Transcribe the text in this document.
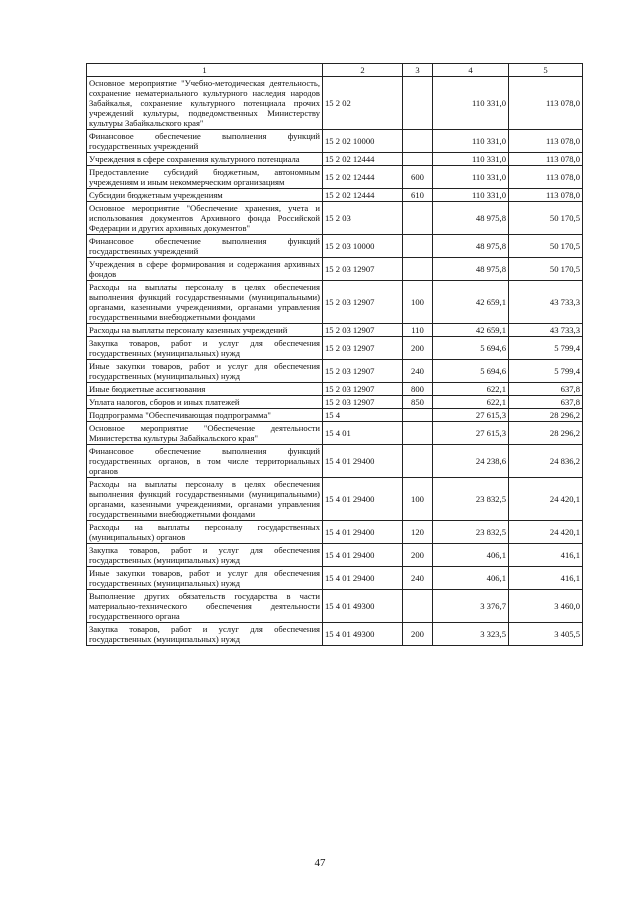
1	2	3	4	5
Основное мероприятие "Учебно-методическая деятельность, сохранение нематериального культурного наследия народов Забайкалья, сохранение культурного потенциала прочих учреждений культуры, подведомственных Министерству культуры Забайкальского края"	15 2 02		110 331,0	113 078,0
Финансовое обеспечение выполнения функций государственных учреждений	15 2 02 10000		110 331,0	113 078,0
Учреждения в сфере сохранения культурного потенциала	15 2 02 12444		110 331,0	113 078,0
Предоставление субсидий бюджетным, автономным учреждениям и иным некоммерческим организациям	15 2 02 12444	600	110 331,0	113 078,0
Субсидии бюджетным учреждениям	15 2 02 12444	610	110 331,0	113 078,0
Основное мероприятие "Обеспечение хранения, учета и использования документов Архивного фонда Российской Федерации и других архивных документов"	15 2 03		48 975,8	50 170,5
Финансовое обеспечение выполнения функций государственных учреждений	15 2 03 10000		48 975,8	50 170,5
Учреждения в сфере формирования и содержания архивных фондов	15 2 03 12907		48 975,8	50 170,5
Расходы на выплаты персоналу в целях обеспечения выполнения функций государственными (муниципальными) органами, казенными учреждениями, органами управления государственными внебюджетными фондами	15 2 03 12907	100	42 659,1	43 733,3
Расходы на выплаты персоналу казенных учреждений	15 2 03 12907	110	42 659,1	43 733,3
Закупка товаров, работ и услуг для обеспечения государственных (муниципальных) нужд	15 2 03 12907	200	5 694,6	5 799,4
Иные закупки товаров, работ и услуг для обеспечения государственных (муниципальных) нужд	15 2 03 12907	240	5 694,6	5 799,4
Иные бюджетные ассигнования	15 2 03 12907	800	622,1	637,8
Уплата налогов, сборов и иных платежей	15 2 03 12907	850	622,1	637,8
Подпрограмма "Обеспечивающая подпрограмма"	15 4		27 615,3	28 296,2
Основное мероприятие "Обеспечение деятельности Министерства культуры Забайкальского края"	15 4 01		27 615,3	28 296,2
Финансовое обеспечение выполнения функций государственных органов, в том числе территориальных органов	15 4 01 29400		24 238,6	24 836,2
Расходы на выплаты персоналу в целях обеспечения выполнения функций государственными (муниципальными) органами, казенными учреждениями, органами управления государственными внебюджетными фондами	15 4 01 29400	100	23 832,5	24 420,1
Расходы на выплаты персоналу государственных (муниципальных) органов	15 4 01 29400	120	23 832,5	24 420,1
Закупка товаров, работ и услуг для обеспечения государственных (муниципальных) нужд	15 4 01 29400	200	406,1	416,1
Иные закупки товаров, работ и услуг для обеспечения государственных (муниципальных) нужд	15 4 01 29400	240	406,1	416,1
Выполнение других обязательств государства в части материально-технического обеспечения деятельности государственного органа	15 4 01 49300		3 376,7	3 460,0
Закупка товаров, работ и услуг для обеспечения государственных (муниципальных) нужд	15 4 01 49300	200	3 323,5	3 405,5
47
